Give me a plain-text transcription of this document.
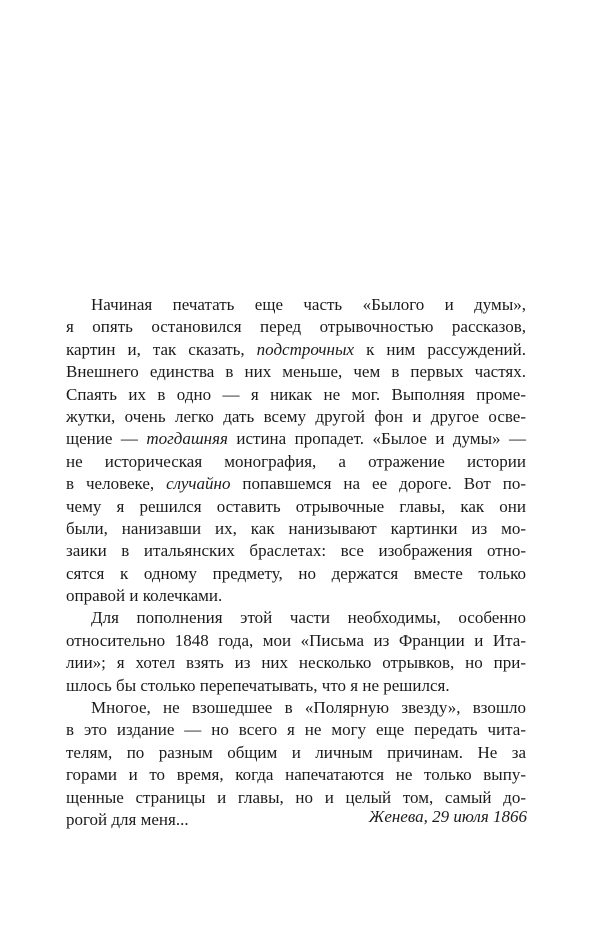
Начиная печатать еще часть «Былого и думы»,
я опять остановился перед отрывочностью рассказов,
картин и, так сказать, подстрочных к ним рассуждений.
Внешнего единства в них меньше, чем в первых частях.
Спаять их в одно — я никак не мог. Выполняя проме-
жутки, очень легко дать всему другой фон и другое осве-
щение — тогдашняя истина пропадет. «Былое и думы» —
не историческая монография, а отражение истории
в человеке, случайно попавшемся на ее дороге. Вот по-
чему я решился оставить отрывочные главы, как они
были, нанизавши их, как нанизывают картинки из мо-
заики в итальянских браслетах: все изображения отно-
сятся к одному предмету, но держатся вместе только
оправой и колечками.
Для пополнения этой части необходимы, особенно
относительно 1848 года, мои «Письма из Франции и Ита-
лии»; я хотел взять из них несколько отрывков, но при-
шлось бы столько перепечатывать, что я не решился.
Многое, не взошедшее в «Полярную звезду», взошло
в это издание — но всего я не могу еще передать чита-
телям, по разным общим и личным причинам. Не за
горами и то время, когда напечатаются не только выпу-
щенные страницы и главы, но и целый том, самый до-
рогой для меня...	Женева, 29 июля 1866
